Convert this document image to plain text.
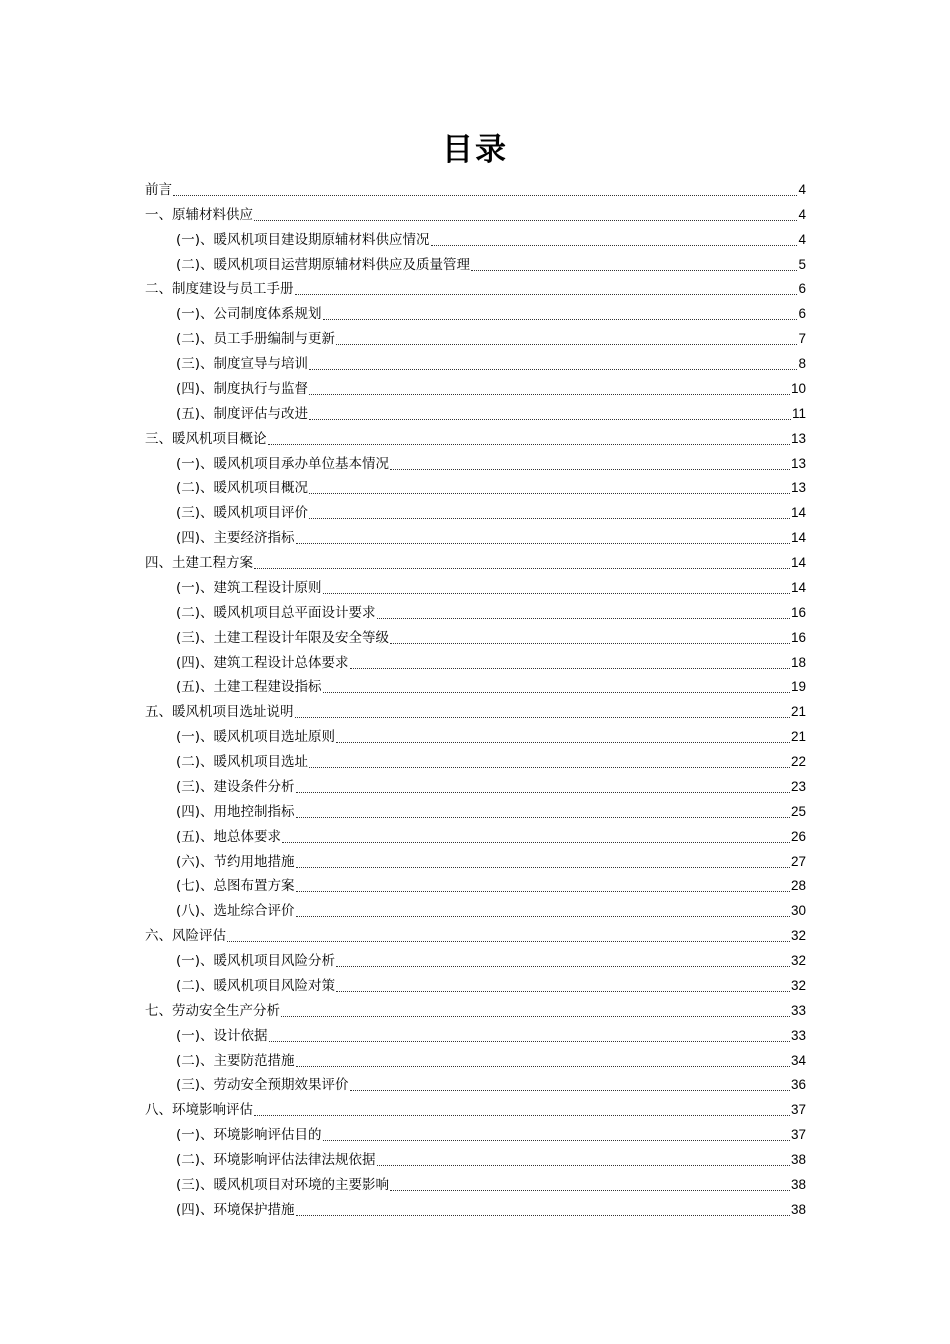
目录
前言	4
一、原辅材料供应	4
(一)、暖风机项目建设期原辅材料供应情况	4
(二)、暖风机项目运营期原辅材料供应及质量管理	5
二、制度建设与员工手册	6
(一)、公司制度体系规划	6
(二)、员工手册编制与更新	7
(三)、制度宣导与培训	8
(四)、制度执行与监督	10
(五)、制度评估与改进	11
三、暖风机项目概论	13
(一)、暖风机项目承办单位基本情况	13
(二)、暖风机项目概况	13
(三)、暖风机项目评价	14
(四)、主要经济指标	14
四、土建工程方案	14
(一)、建筑工程设计原则	14
(二)、暖风机项目总平面设计要求	16
(三)、土建工程设计年限及安全等级	16
(四)、建筑工程设计总体要求	18
(五)、土建工程建设指标	19
五、暖风机项目选址说明	21
(一)、暖风机项目选址原则	21
(二)、暖风机项目选址	22
(三)、建设条件分析	23
(四)、用地控制指标	25
(五)、地总体要求	26
(六)、节约用地措施	27
(七)、总图布置方案	28
(八)、选址综合评价	30
六、风险评估	32
(一)、暖风机项目风险分析	32
(二)、暖风机项目风险对策	32
七、劳动安全生产分析	33
(一)、设计依据	33
(二)、主要防范措施	34
(三)、劳动安全预期效果评价	36
八、环境影响评估	37
(一)、环境影响评估目的	37
(二)、环境影响评估法律法规依据	38
(三)、暖风机项目对环境的主要影响	38
(四)、环境保护措施	38
